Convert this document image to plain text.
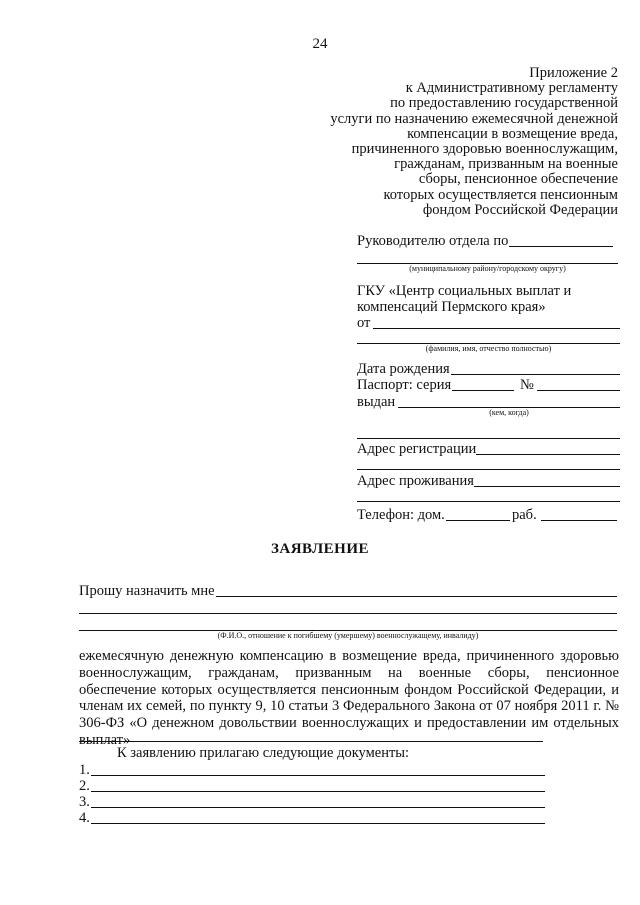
24
Приложение 2
к Административному регламенту
по предоставлению государственной
услуги по назначению ежемесячной денежной
компенсации в возмещение вреда,
причиненного здоровью военнослужащим,
гражданам, призванным на военные
сборы, пенсионное обеспечение
которых осуществляется пенсионным
фондом Российской Федерации
Руководителю отдела по
(муниципальному району/городскому округу)
ГКУ «Центр социальных выплат и
компенсаций Пермского края»
от
(фамилия, имя, отчество полностью)
Дата рождения
Паспорт: серия	№
выдан
(кем, когда)
Адрес регистрации
Адрес проживания
Телефон: дом.	раб.
ЗАЯВЛЕНИЕ
Прошу назначить мне
(Ф.И.О., отношение к погибшему (умершему) военнослужащему, инвалиду)
ежемесячную денежную компенсацию в возмещение вреда, причиненного здоровью военнослужащим, гражданам, призванным на военные сборы, пенсионное обеспечение которых осуществляется пенсионным фондом Российской Федерации, и членам их семей, по пункту 9, 10 статьи 3 Федерального Закона от 07 ноября 2011 г. № 306-ФЗ «О денежном довольствии военнослужащих и предоставлении им отдельных выплат»
К заявлению прилагаю следующие документы:
1.
2.
3.
4.
